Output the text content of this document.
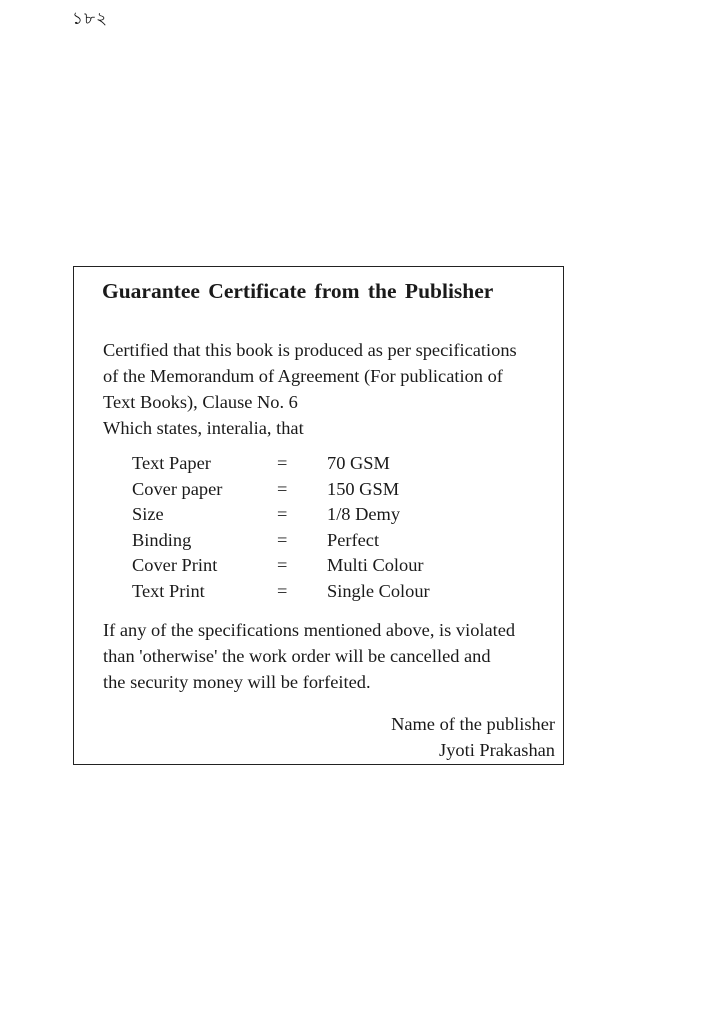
১৮২
Guarantee Certificate from the Publisher

Certified that this book is produced as per specifications
of the Memorandum of Agreement (For publication of
Text Books), Clause No. 6
Which states, interalia, that

Text Paper	=	70 GSM
Cover paper	=	150 GSM
Size	=	1/8 Demy
Binding	=	Perfect
Cover Print	=	Multi Colour
Text Print	=	Single Colour

If any of the specifications mentioned above, is violated
than 'otherwise' the work order will be cancelled and
the security money will be forfeited.

Name of the publisher
Jyoti Prakashan
